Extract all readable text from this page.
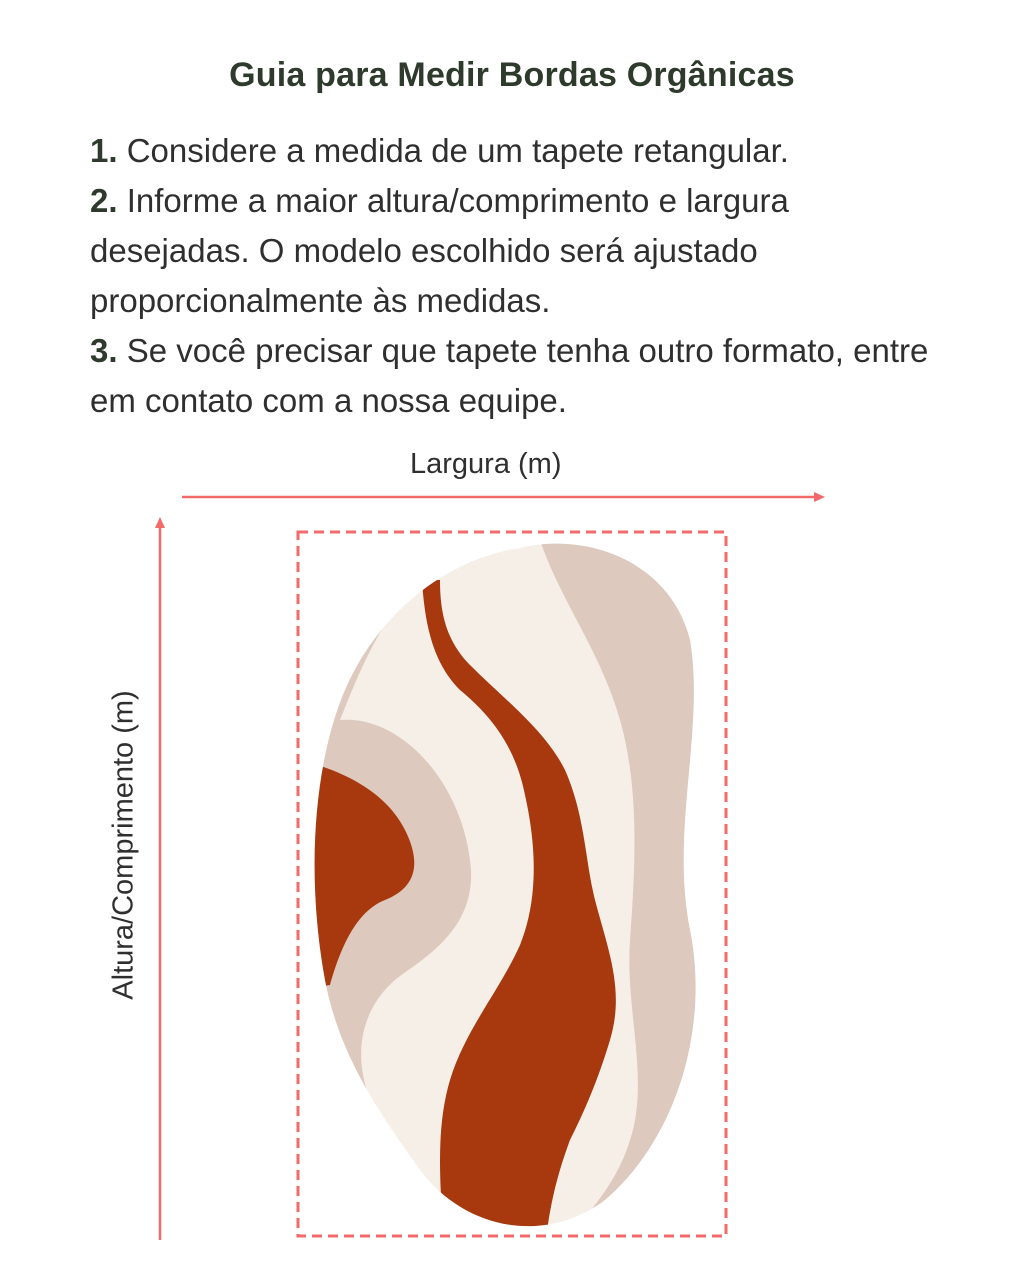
Guia para Medir Bordas Orgânicas

1. Considere a medida de um tapete retangular.

2. Informe a maior altura/comprimento e largura desejadas. O modelo escolhido será ajustado proporcionalmente às medidas.

3. Se você precisar que tapete tenha outro formato, entre em contato com a nossa equipe.

Largura (m)
Altura/Comprimento (m)
